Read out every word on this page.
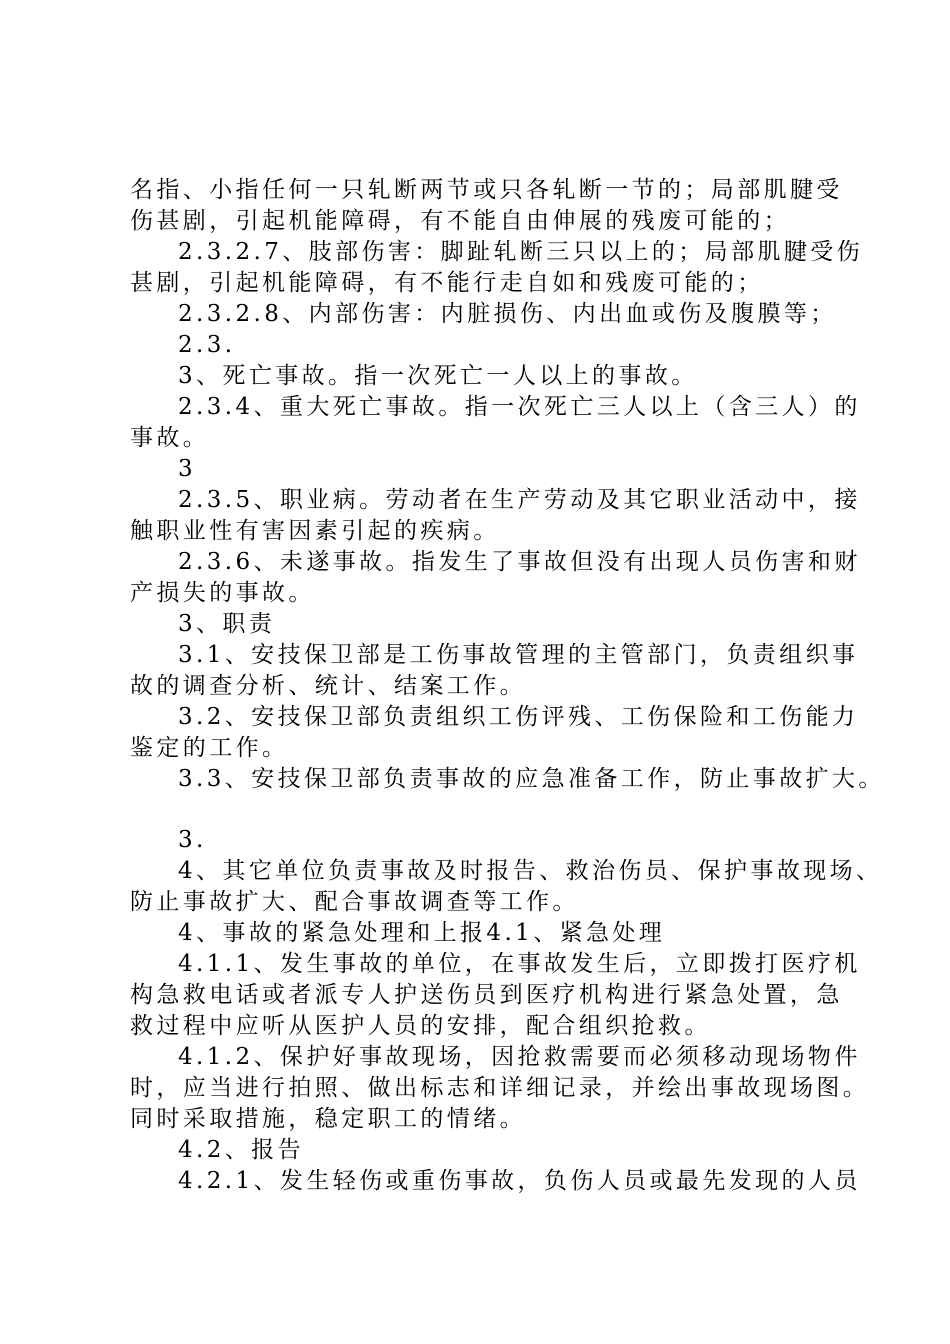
名指、小指任何一只轧断两节或只各轧断一节的；局部肌腱受
伤甚剧，引起机能障碍，有不能自由伸展的残废可能的；
2.3.2.7、肢部伤害：脚趾轧断三只以上的；局部肌腱受伤
甚剧，引起机能障碍，有不能行走自如和残废可能的；
2.3.2.8、内部伤害：内脏损伤、内出血或伤及腹膜等；
2.3.
3、死亡事故。指一次死亡一人以上的事故。
2.3.4、重大死亡事故。指一次死亡三人以上（含三人）的
事故。
3
2.3.5、职业病。劳动者在生产劳动及其它职业活动中，接
触职业性有害因素引起的疾病。
2.3.6、未遂事故。指发生了事故但没有出现人员伤害和财
产损失的事故。
3、职责
3.1、安技保卫部是工伤事故管理的主管部门，负责组织事
故的调查分析、统计、结案工作。
3.2、安技保卫部负责组织工伤评残、工伤保险和工伤能力
鉴定的工作。
3.3、安技保卫部负责事故的应急准备工作，防止事故扩大。
3.
4、其它单位负责事故及时报告、救治伤员、保护事故现场、
防止事故扩大、配合事故调查等工作。
4、事故的紧急处理和上报4.1、紧急处理
4.1.1、发生事故的单位，在事故发生后，立即拨打医疗机
构急救电话或者派专人护送伤员到医疗机构进行紧急处置，急
救过程中应听从医护人员的安排，配合组织抢救。
4.1.2、保护好事故现场，因抢救需要而必须移动现场物件
时，应当进行拍照、做出标志和详细记录，并绘出事故现场图。
同时采取措施，稳定职工的情绪。
4.2、报告
4.2.1、发生轻伤或重伤事故，负伤人员或最先发现的人员
